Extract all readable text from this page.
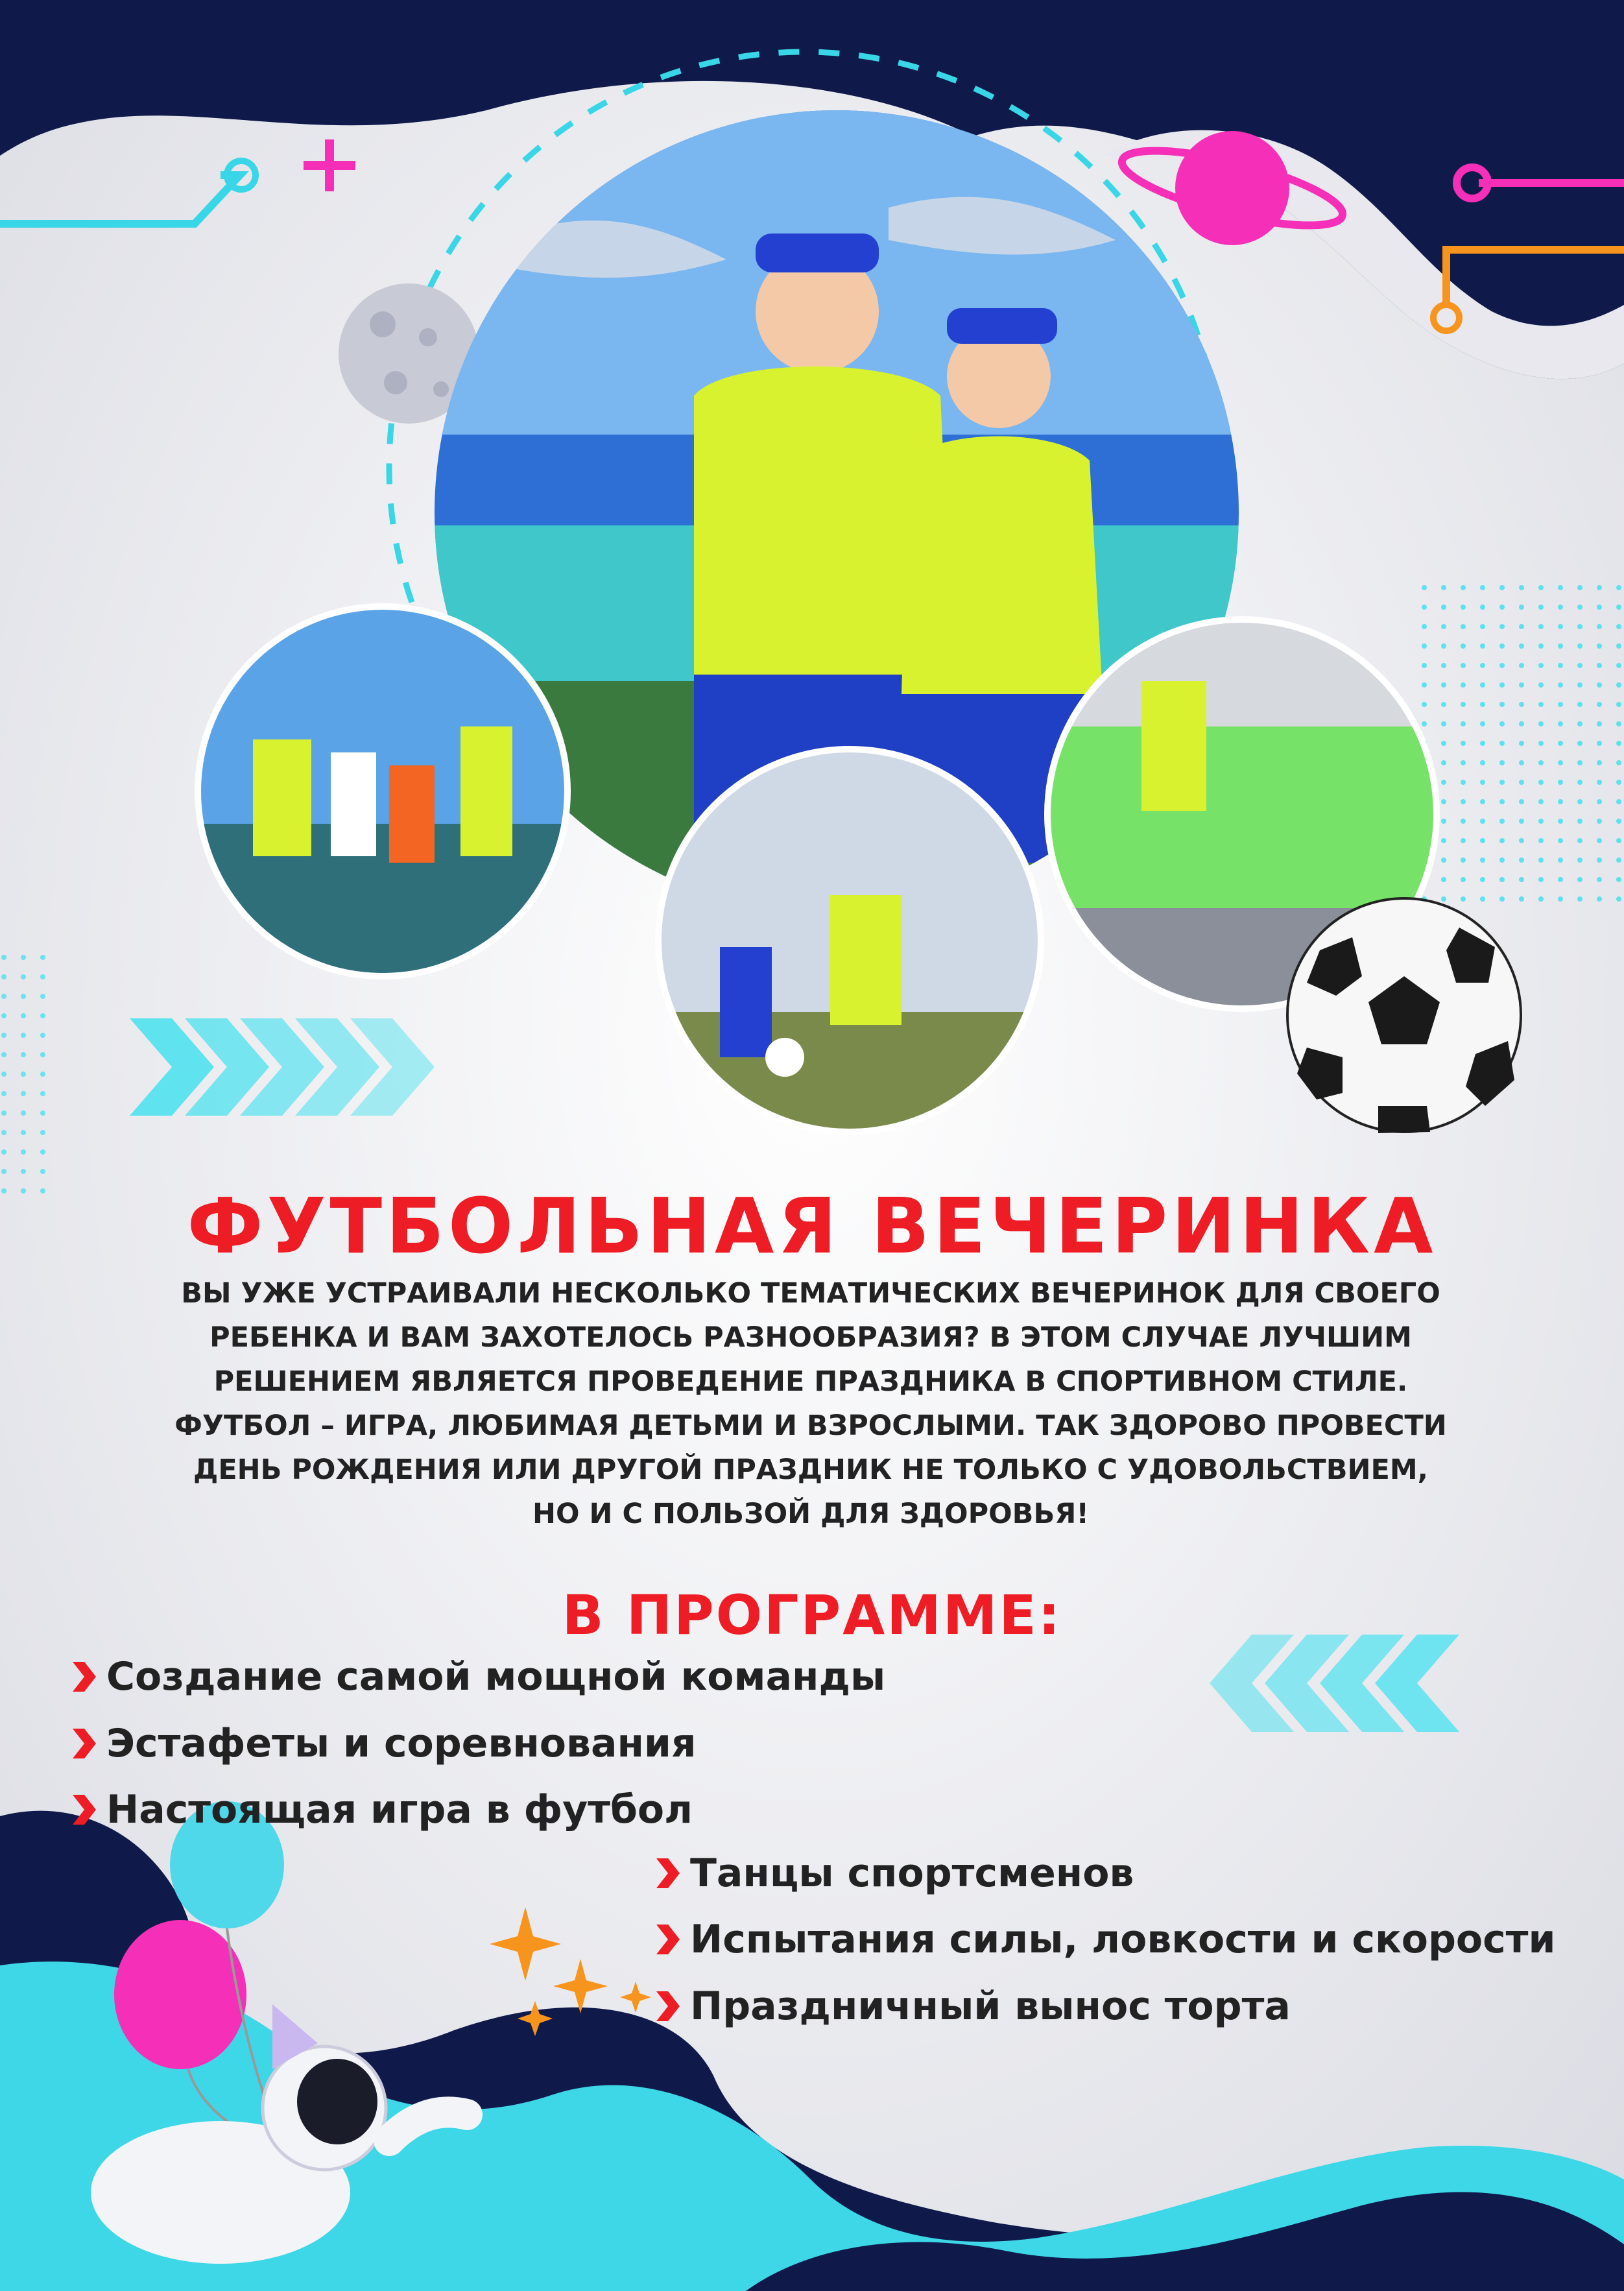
ФУТБОЛЬНАЯ ВЕЧЕРИНКА
ВЫ УЖЕ УСТРАИВАЛИ НЕСКОЛЬКО ТЕМАТИЧЕСКИХ ВЕЧЕРИНОК ДЛЯ СВОЕГО
РЕБЕНКА И ВАМ ЗАХОТЕЛОСЬ РАЗНООБРАЗИЯ? В ЭТОМ СЛУЧАЕ ЛУЧШИМ
РЕШЕНИЕМ ЯВЛЯЕТСЯ ПРОВЕДЕНИЕ ПРАЗДНИКА В СПОРТИВНОМ СТИЛЕ.
ФУТБОЛ – ИГРА, ЛЮБИМАЯ ДЕТЬМИ И ВЗРОСЛЫМИ. ТАК ЗДОРОВО ПРОВЕСТИ
ДЕНЬ РОЖДЕНИЯ ИЛИ ДРУГОЙ ПРАЗДНИК НЕ ТОЛЬКО С УДОВОЛЬСТВИЕМ,
НО И С ПОЛЬЗОЙ ДЛЯ ЗДОРОВЬЯ!
В ПРОГРАММЕ:
Создание самой мощной команды
Эстафеты и соревнования
Настоящая игра в футбол
Танцы спортсменов
Испытания силы, ловкости и скорости
Праздничный вынос торта
